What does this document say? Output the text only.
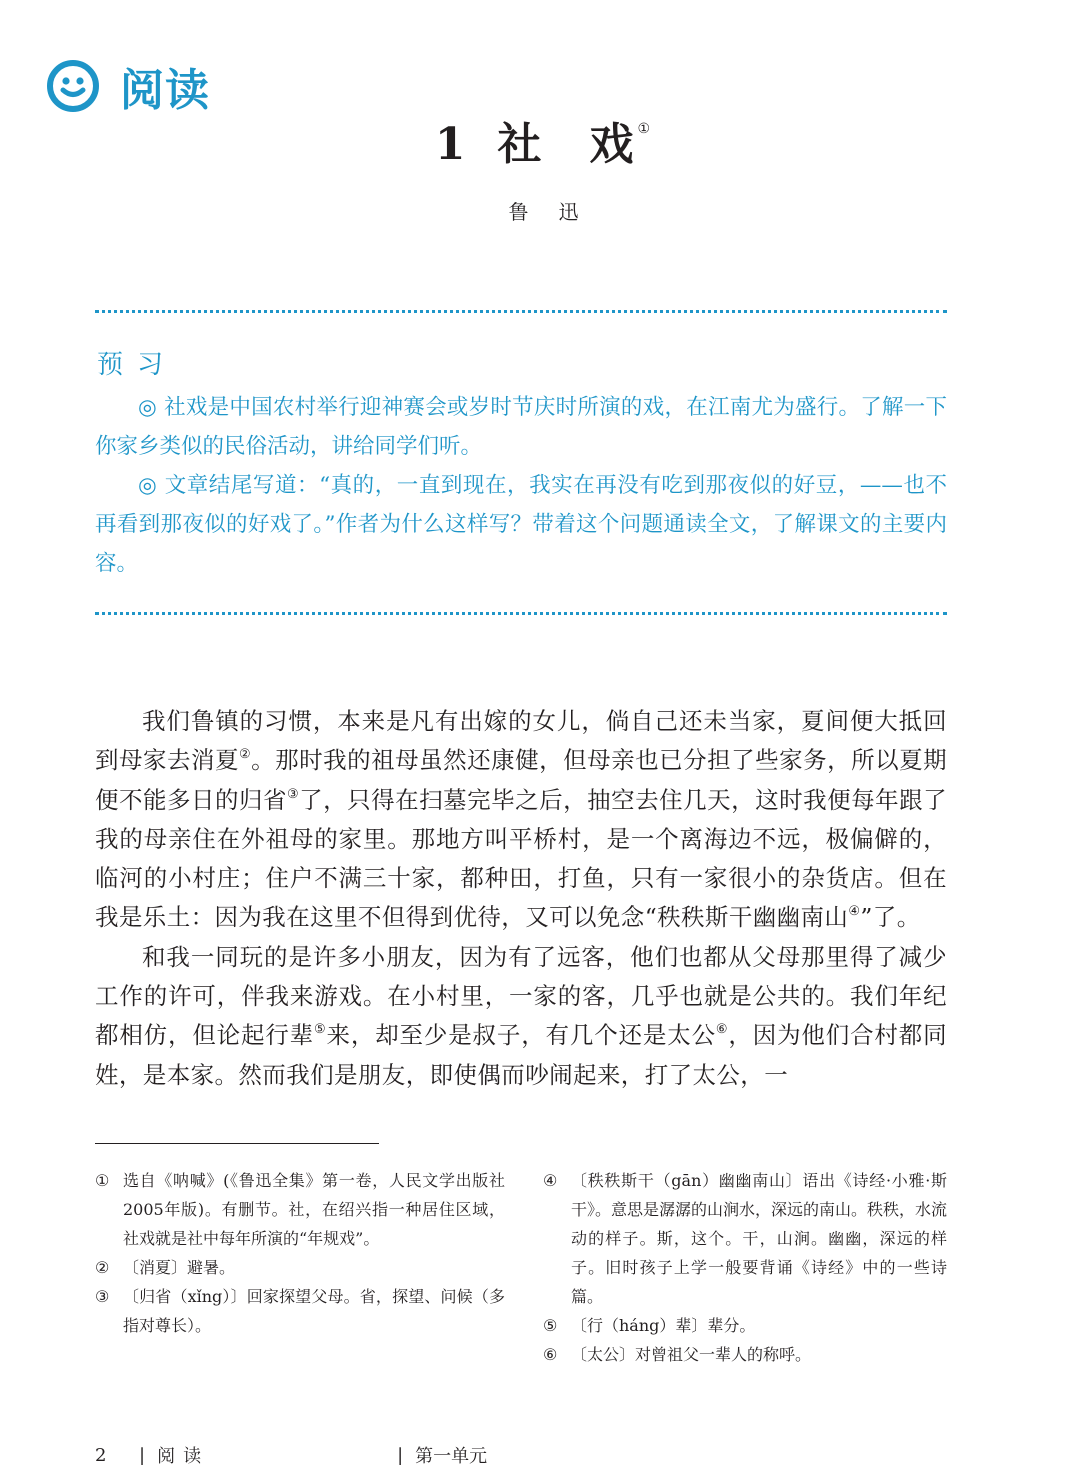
阅读
1 社 戏 ①
鲁迅
预习
◎ 社戏是中国农村举行迎神赛会或岁时节庆时所演的戏，在江南尤为盛行。了解一下你家乡类似的民俗活动，讲给同学们听。
◎ 文章结尾写道：“真的，一直到现在，我实在再没有吃到那夜似的好豆，——也不再看到那夜似的好戏了。”作者为什么这样写？带着这个问题通读全文，了解课文的主要内容。

我们鲁镇的习惯，本来是凡有出嫁的女儿，倘自己还未当家，夏间便大抵回到母家去消夏②。那时我的祖母虽然还康健，但母亲也已分担了些家务，所以夏期便不能多日的归省③了，只得在扫墓完毕之后，抽空去住几天，这时我便每年跟了我的母亲住在外祖母的家里。那地方叫平桥村，是一个离海边不远，极偏僻的，临河的小村庄；住户不满三十家，都种田，打鱼，只有一家很小的杂货店。但在我是乐土：因为我在这里不但得到优待，又可以免念“秩秩斯干幽幽南山④”了。

和我一同玩的是许多小朋友，因为有了远客，他们也都从父母那里得了减少工作的许可，伴我来游戏。在小村里，一家的客，几乎也就是公共的。我们年纪都相仿，但论起行辈⑤来，却至少是叔子，有几个还是太公⑥，因为他们合村都同姓，是本家。然而我们是朋友，即使偶而吵闹起来，打了太公，一

① 选自《呐喊》(《鲁迅全集》第一卷，人民文学出版社2005年版)。有删节。社，在绍兴指一种居住区域，社戏就是社中每年所演的“年规戏”。
② 〔消夏〕避暑。
③ 〔归省（xǐng）〕回家探望父母。省，探望、问候（多指对尊长）。
④ 〔秩秩斯干（gān）幽幽南山〕语出《诗经·小雅·斯干》。意思是潺潺的山涧水，深远的南山。秩秩，水流动的样子。斯，这个。干，山涧。幽幽，深远的样子。旧时孩子上学一般要背诵《诗经》中的一些诗篇。
⑤ 〔行（háng）辈〕辈分。
⑥ 〔太公〕对曾祖父一辈人的称呼。
2	| 阅读	| 第一单元
